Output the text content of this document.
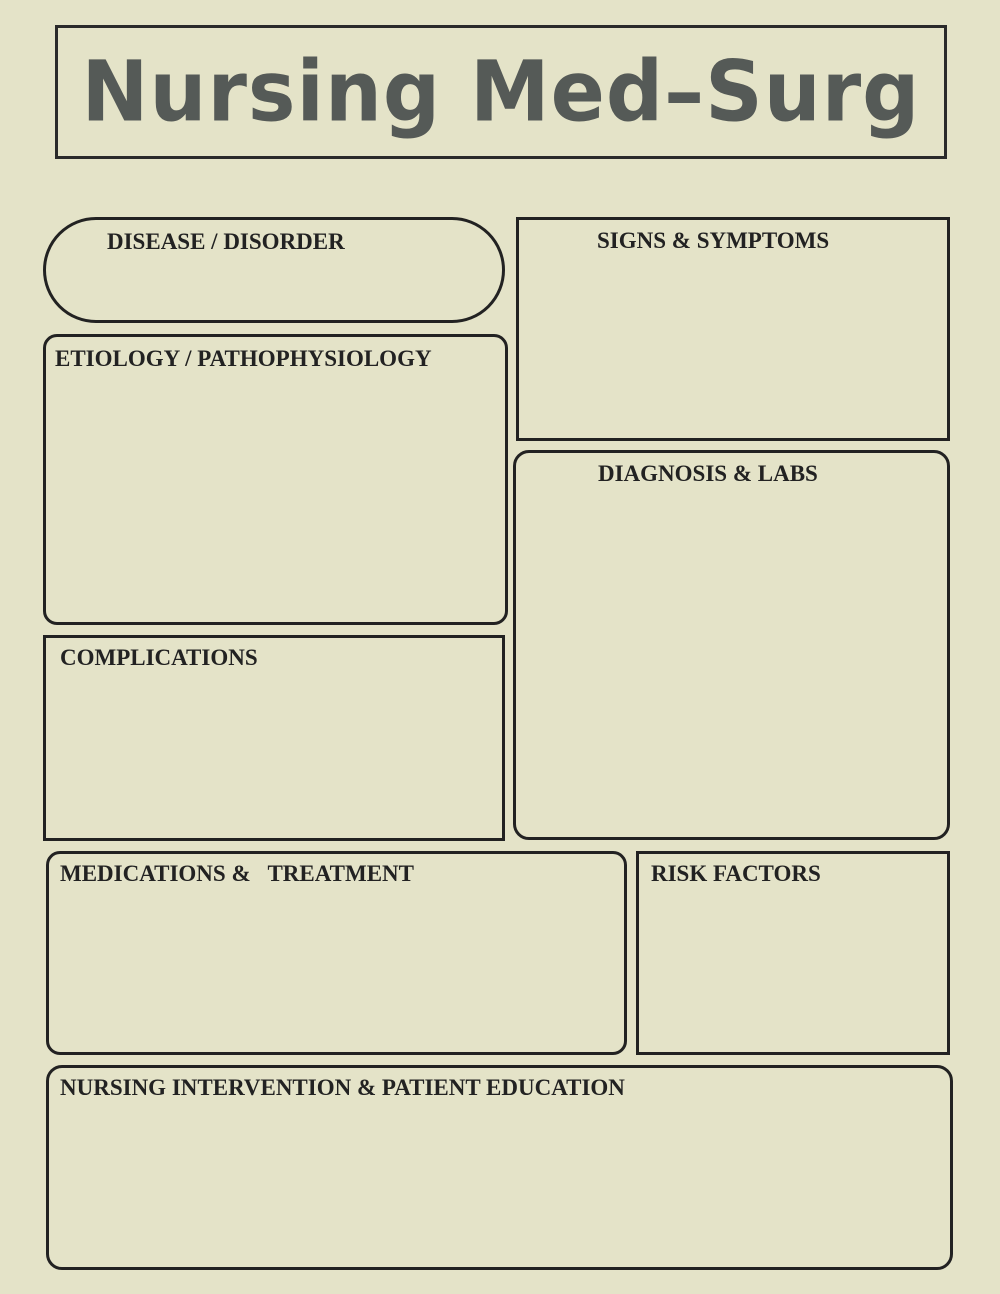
Nursing Med–Surg
DISEASE / DISORDER	SIGNS & SYMPTOMS
ETIOLOGY / PATHOPHYSIOLOGY
DIAGNOSIS & LABS
COMPLICATIONS
MEDICATIONS &   TREATMENT	RISK FACTORS
NURSING INTERVENTION & PATIENT EDUCATION
